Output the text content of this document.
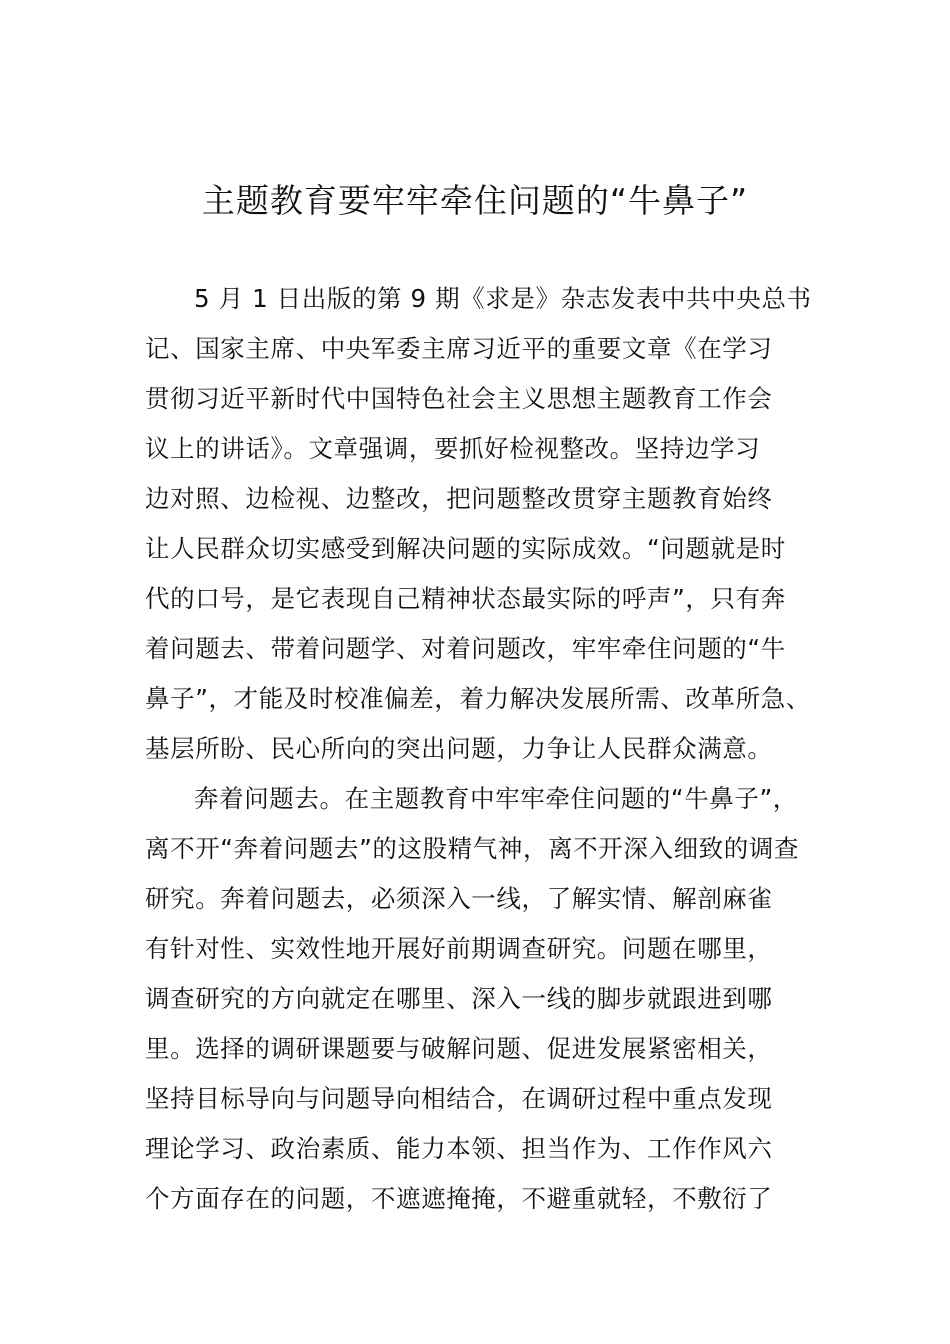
主题教育要牢牢牵住问题的“牛鼻子”
5 月 1 日出版的第 9 期《求是》杂志发表中共中央总书
记、国家主席、中央军委主席习近平的重要文章《在学习
贯彻习近平新时代中国特色社会主义思想主题教育工作会
议上的讲话》。文章强调，要抓好检视整改。坚持边学习
边对照、边检视、边整改，把问题整改贯穿主题教育始终
让人民群众切实感受到解决问题的实际成效。“问题就是时
代的口号，是它表现自己精神状态最实际的呼声”，只有奔
着问题去、带着问题学、对着问题改，牢牢牵住问题的“牛
鼻子”，才能及时校准偏差，着力解决发展所需、改革所急、
基层所盼、民心所向的突出问题，力争让人民群众满意。
奔着问题去。在主题教育中牢牢牵住问题的“牛鼻子”，
离不开“奔着问题去”的这股精气神，离不开深入细致的调查
研究。奔着问题去，必须深入一线，了解实情、解剖麻雀
有针对性、实效性地开展好前期调查研究。问题在哪里，
调查研究的方向就定在哪里、深入一线的脚步就跟进到哪
里。选择的调研课题要与破解问题、促进发展紧密相关，
坚持目标导向与问题导向相结合，在调研过程中重点发现
理论学习、政治素质、能力本领、担当作为、工作作风六
个方面存在的问题，不遮遮掩掩，不避重就轻，不敷衍了
